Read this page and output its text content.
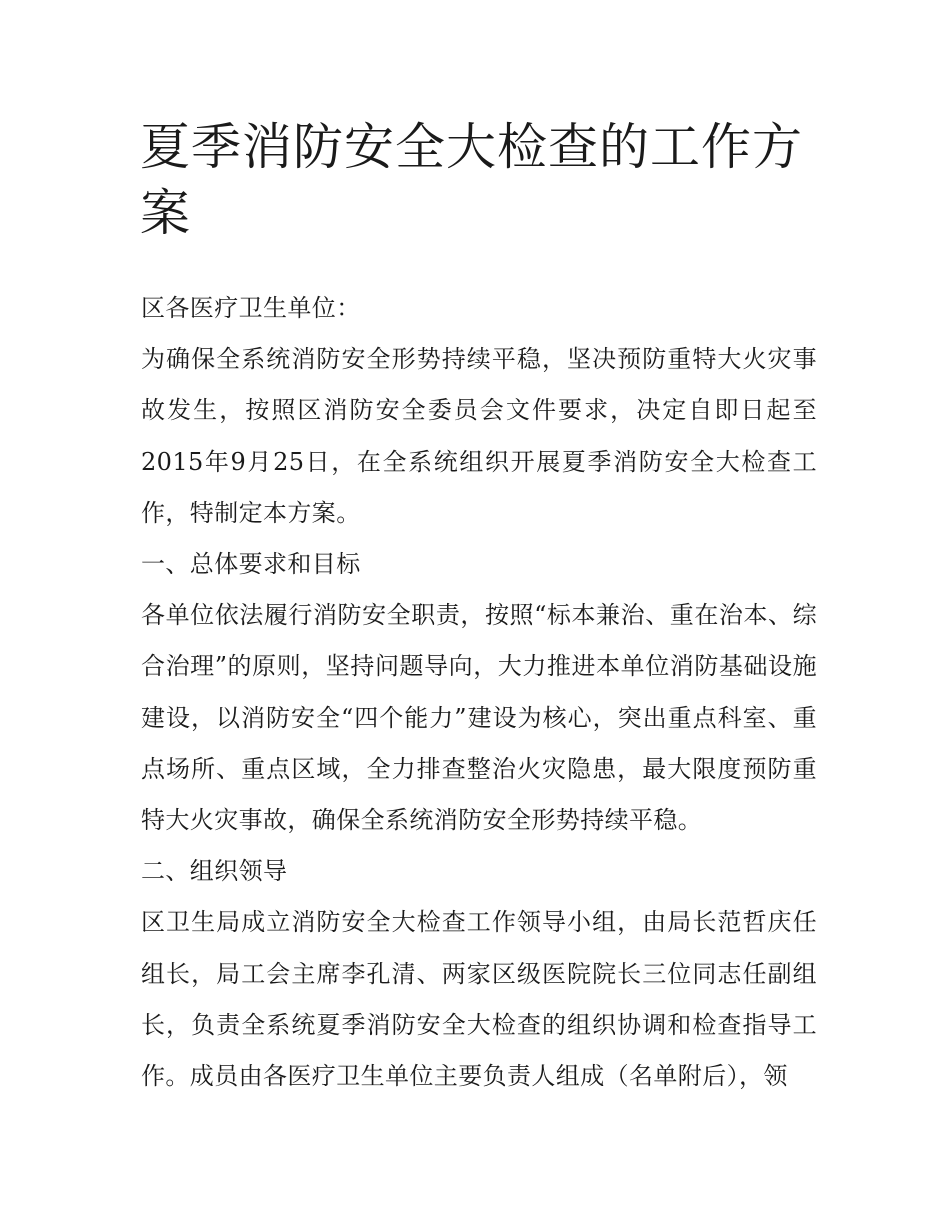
夏季消防安全大检查的工作方案

区各医疗卫生单位：

为确保全系统消防安全形势持续平稳，坚决预防重特大火灾事故发生，按照区消防安全委员会文件要求，决定自即日起至2015年9月25日，在全系统组织开展夏季消防安全大检查工作，特制定本方案。

一、总体要求和目标

各单位依法履行消防安全职责，按照“标本兼治、重在治本、综合治理”的原则，坚持问题导向，大力推进本单位消防基础设施建设，以消防安全“四个能力”建设为核心，突出重点科室、重点场所、重点区域，全力排查整治火灾隐患，最大限度预防重特大火灾事故，确保全系统消防安全形势持续平稳。

二、组织领导

区卫生局成立消防安全大检查工作领导小组，由局长范哲庆任组长，局工会主席李孔清、两家区级医院院长三位同志任副组长，负责全系统夏季消防安全大检查的组织协调和检查指导工作。成员由各医疗卫生单位主要负责人组成（名单附后），领
